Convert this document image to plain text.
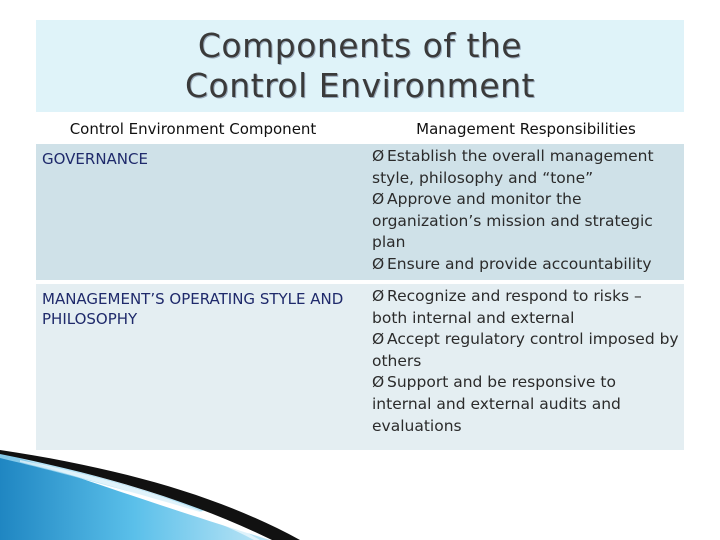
Components of the
Control Environment
Control Environment Component		Management Responsibilities
GOVERNANCE		Ø Establish the overall management style, philosophy and “tone”
Ø Approve and monitor the organization’s mission and strategic plan
Ø Ensure and provide accountability

MANAGEMENT’S OPERATING STYLE AND PHILOSOPHY		Ø Recognize and respond to risks – both internal and external
Ø Accept regulatory control imposed by others
Ø Support and be responsive to internal and external audits and evaluations
